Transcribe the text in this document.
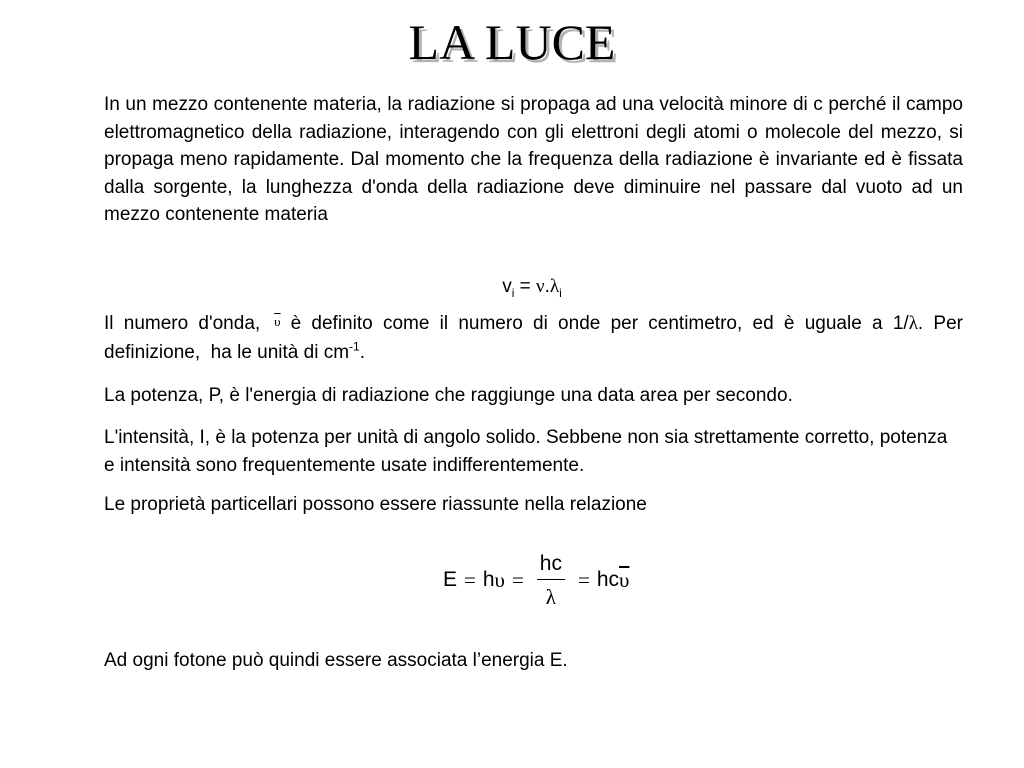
LA LUCE
In un mezzo contenente materia, la radiazione si propaga ad una velocità minore di c perché il campo elettromagnetico della radiazione, interagendo con gli elettroni degli atomi o molecole del mezzo, si propaga meno rapidamente. Dal momento che la frequenza della radiazione è invariante ed è fissata dalla sorgente, la lunghezza d'onda della radiazione deve diminuire nel passare dal vuoto ad un mezzo contenente materia
$v_i = \nu.\lambda_i$
Il numero d'onda, $\overline{\upsilon}$ è definito come il numero di onde per centimetro, ed è uguale a 1/λ. Per definizione,  ha le unità di $cm^{-1}$.
La potenza, P, è l'energia di radiazione che raggiunge una data area per secondo.
L'intensità, I, è la potenza per unità di angolo solido. Sebbene non sia strettamente corretto, potenza e intensità sono frequentemente usate indifferentemente.
Le proprietà particellari possono essere riassunte nella relazione
E = h $\upsilon = \frac{hc}{\lambda}$ = hc $\overline{\upsilon}$
Ad ogni fotone può quindi essere associata l’energia E.
